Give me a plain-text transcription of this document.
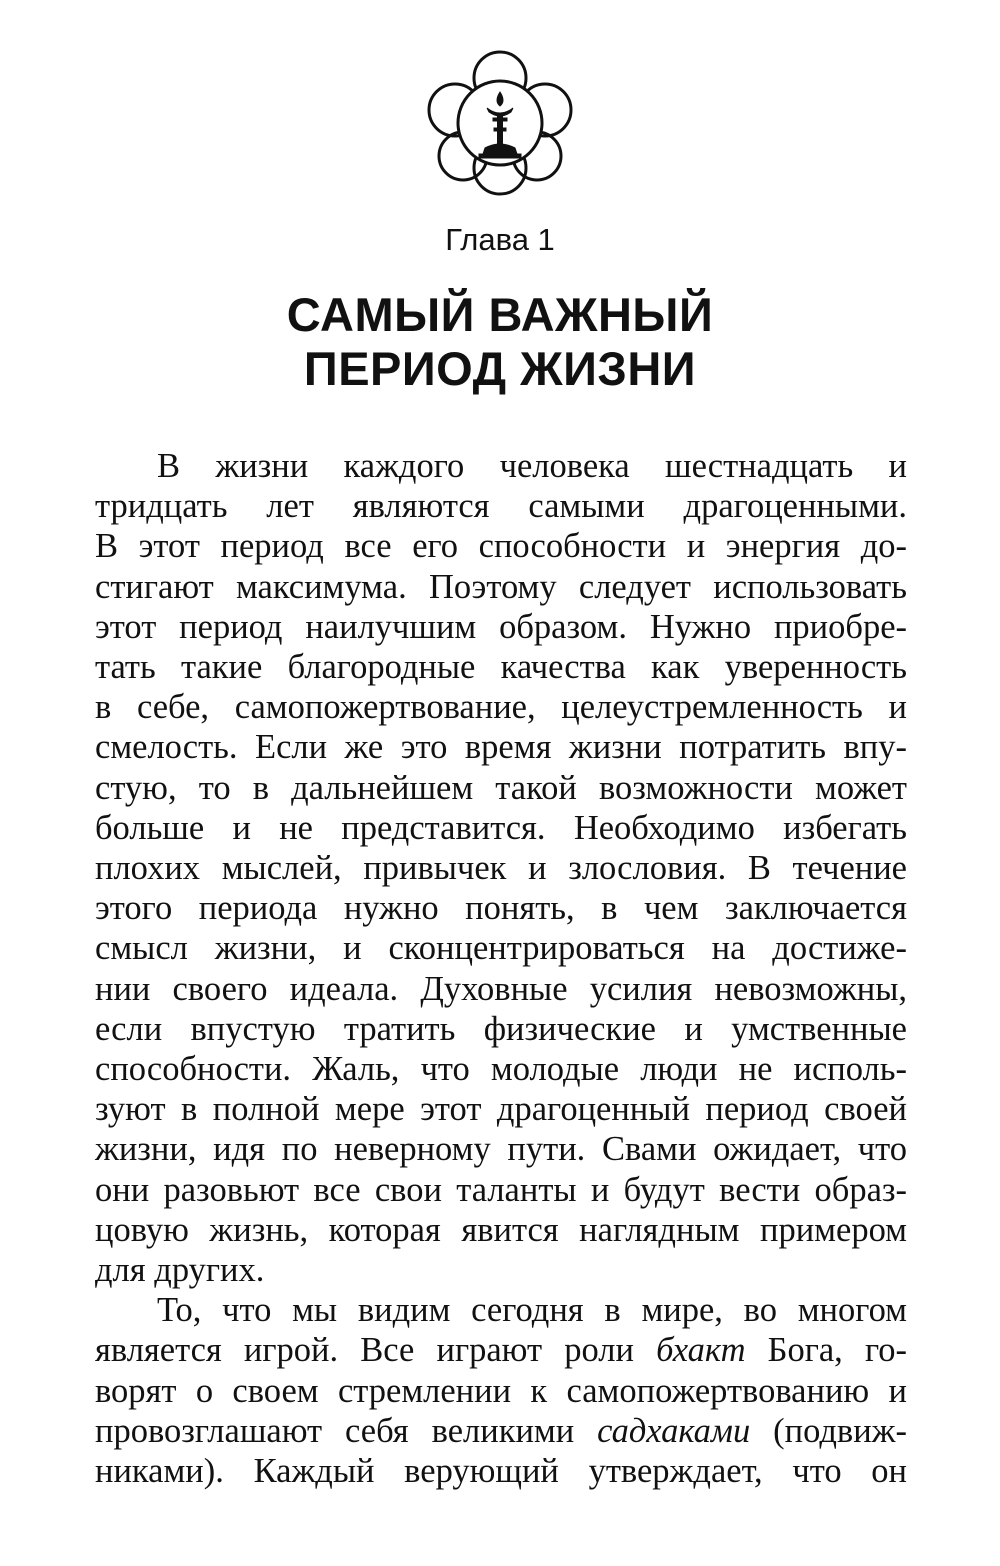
Глава 1
САМЫЙ ВАЖНЫЙ
ПЕРИОД ЖИЗНИ
В жизни каждого человека шестнадцать и
тридцать лет являются самыми драгоценными.
В этот период все его способности и энергия до-
стигают максимума. Поэтому следует использовать
этот период наилучшим образом. Нужно приобре-
тать такие благородные качества как уверенность
в себе, самопожертвование, целеустремленность и
смелость. Если же это время жизни потратить впу-
стую, то в дальнейшем такой возможности может
больше и не представится. Необходимо избегать
плохих мыслей, привычек и злословия. В течение
этого периода нужно понять, в чем заключается
смысл жизни, и сконцентрироваться на достиже-
нии своего идеала. Духовные усилия невозможны,
если впустую тратить физические и умственные
способности. Жаль, что молодые люди не исполь-
зуют в полной мере этот драгоценный период своей
жизни, идя по неверному пути. Свами ожидает, что
они разовьют все свои таланты и будут вести образ-
цовую жизнь, которая явится наглядным примером
для других.
То, что мы видим сегодня в мире, во многом
является игрой. Все играют роли бхакт Бога, го-
ворят о своем стремлении к самопожертвованию и
провозглашают себя великими садхаками (подвиж-
никами). Каждый верующий утверждает, что он
